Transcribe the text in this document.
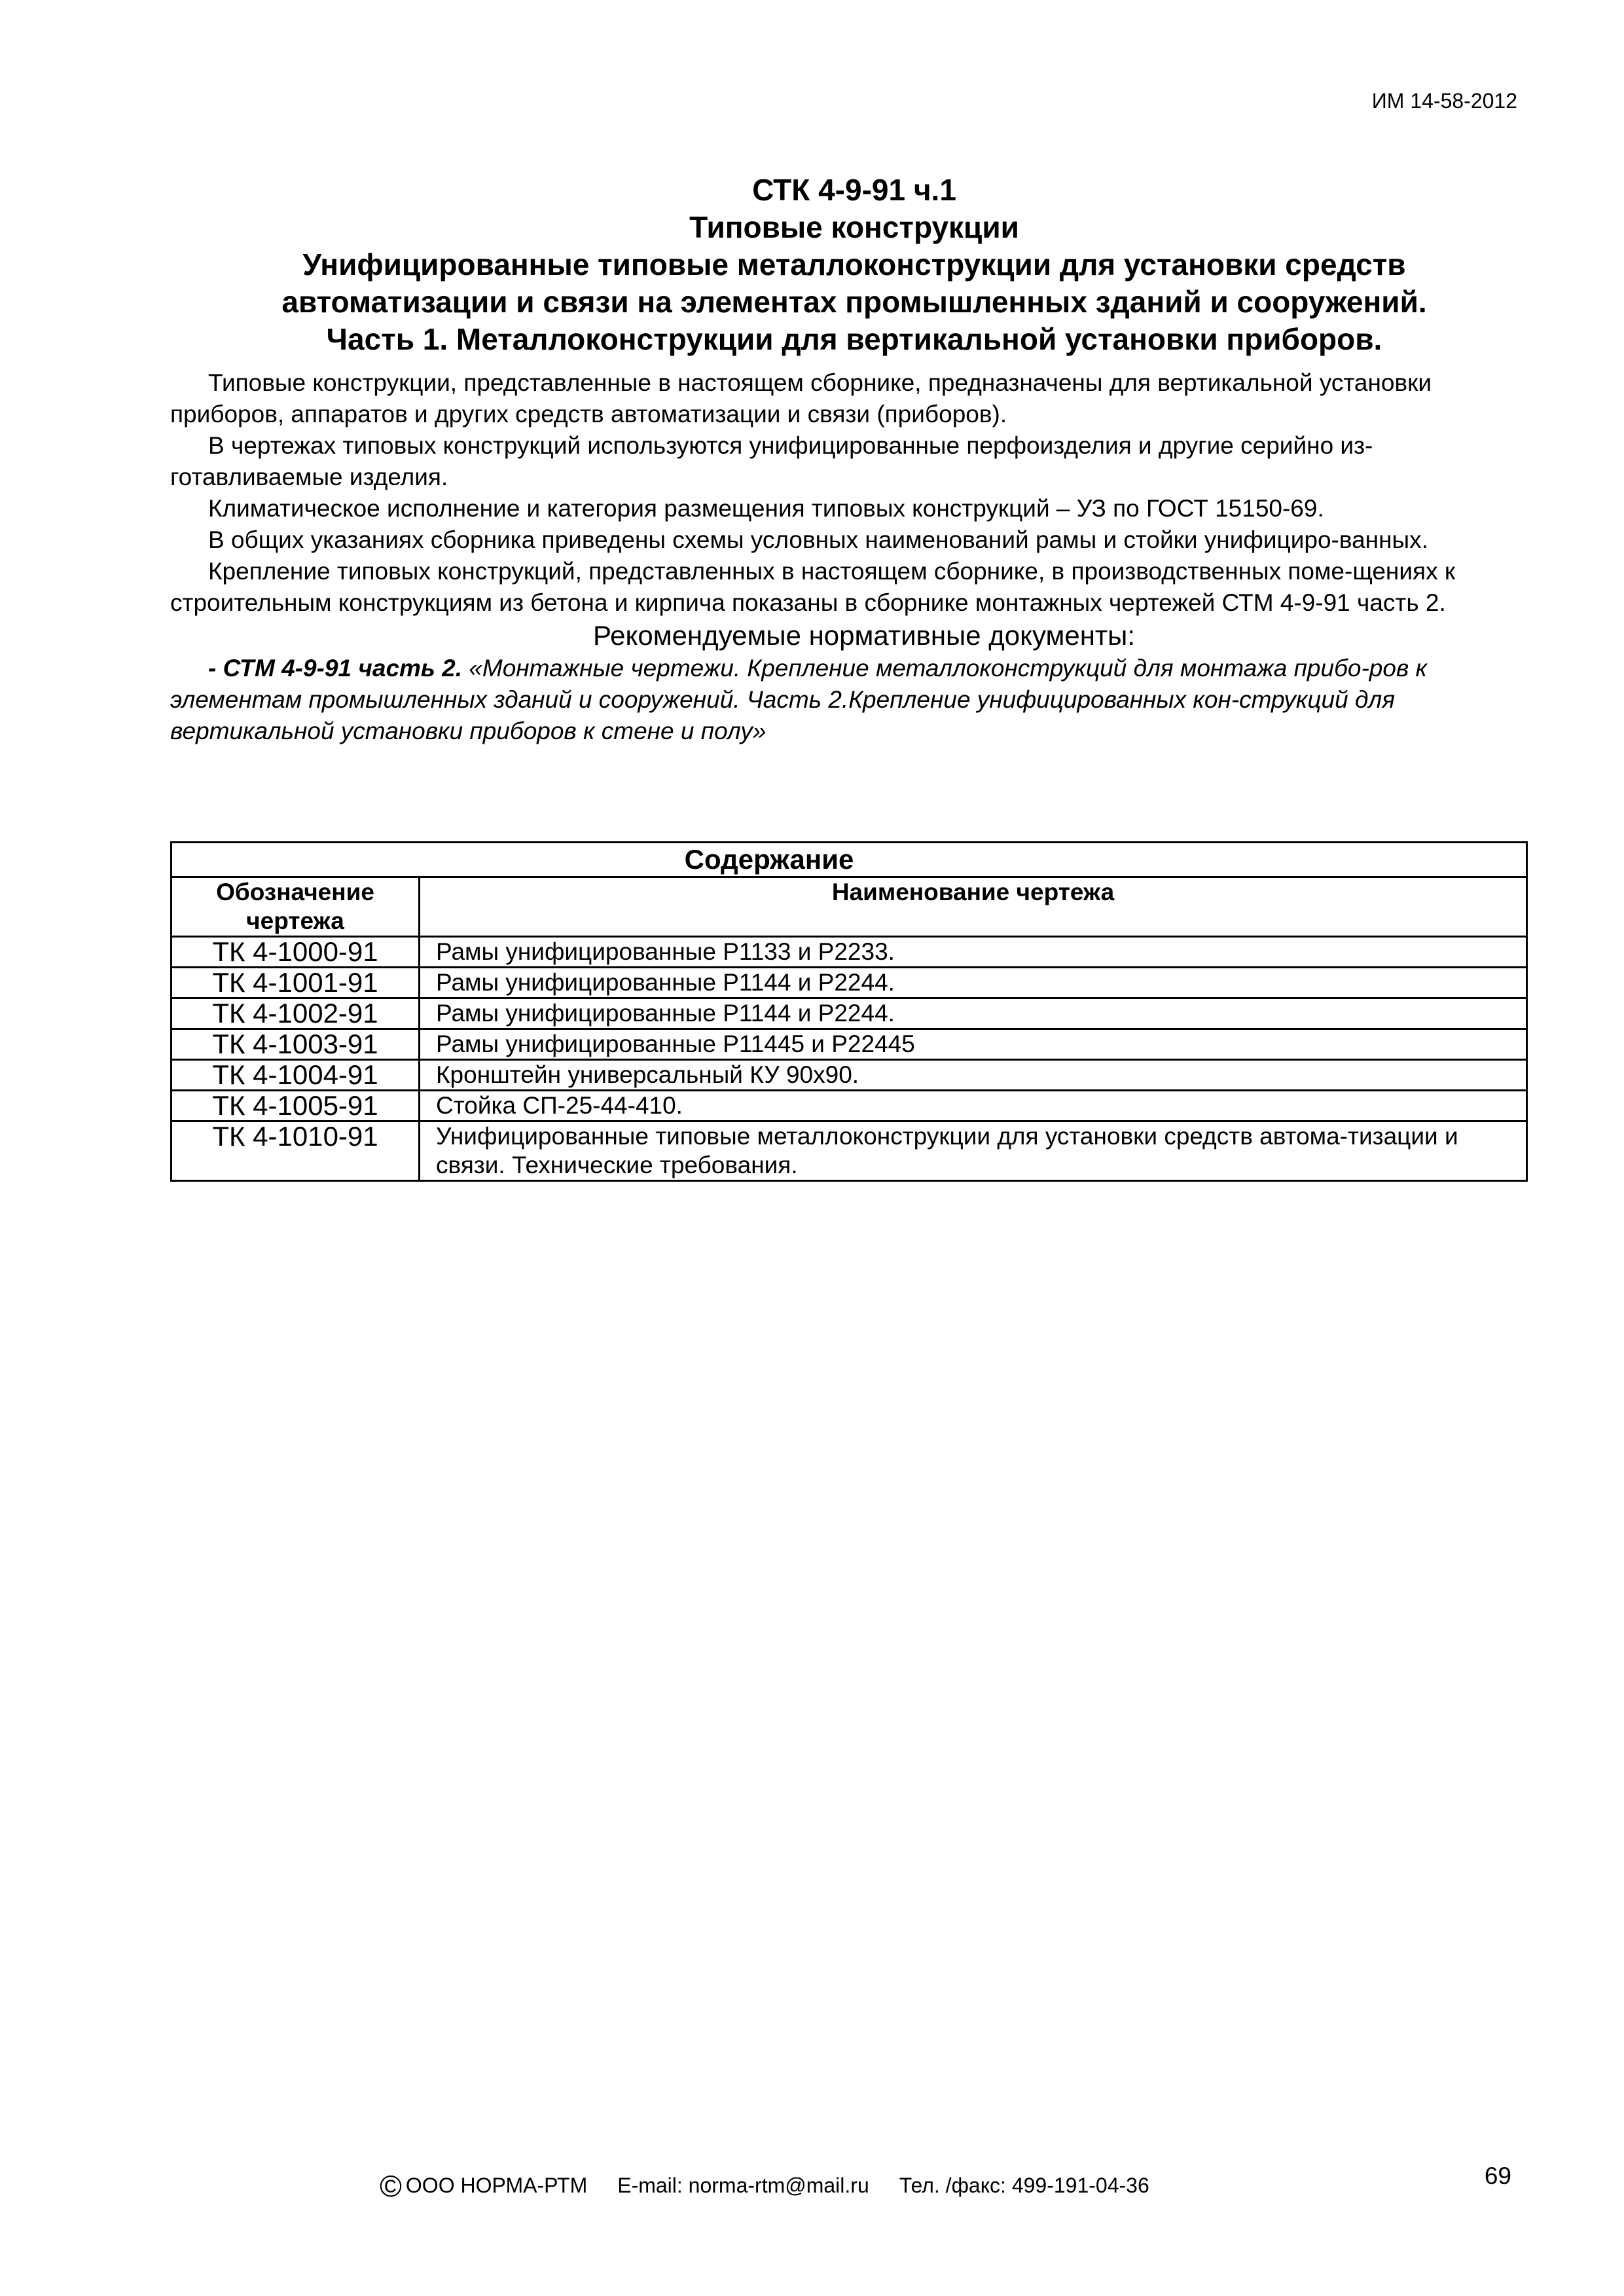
ИМ 14-58-2012

СТК 4-9-91 ч.1

Типовые конструкции

Унифицированные типовые металлоконструкции для установки средств

автоматизации и связи на элементах промышленных зданий и сооружений.

Часть 1. Металлоконструкции для вертикальной установки приборов.

Типовые конструкции, представленные в настоящем сборнике, предназначены для вертикальной установки приборов, аппаратов и других средств автоматизации и связи (приборов).

В чертежах типовых конструкций используются унифицированные перфоизделия и другие серийно из-готавливаемые изделия.

Климатическое исполнение и категория размещения типовых конструкций – УЗ по ГОСТ 15150-69.

В общих указаниях сборника приведены схемы условных наименований рамы и стойки унифициро-ванных.

Крепление типовых конструкций, представленных в настоящем сборнике, в производственных поме-щениях к строительным конструкциям из бетона и кирпича показаны в сборнике монтажных чертежей СТМ 4-9-91 часть 2.

Рекомендуемые нормативные документы:

- СТМ 4-9-91 часть 2. «Монтажные чертежи. Крепление металлоконструкций для монтажа прибо-ров к элементам промышленных зданий и сооружений. Часть 2.Крепление унифицированных кон-струкций для вертикальной установки приборов к стене и полу»

Содержание	
Обозначение чертежа	Наименование чертежа
ТК 4-1000-91	Рамы унифицированные Р1133 и Р2233.
ТК 4-1001-91	Рамы унифицированные Р1144 и Р2244.
ТК 4-1002-91	Рамы унифицированные Р1144 и Р2244.
ТК 4-1003-91	Рамы унифицированные Р11445 и Р22445
ТК 4-1004-91	Кронштейн универсальный КУ 90х90.
ТК 4-1005-91	Стойка СП-25-44-410.
ТК 4-1010-91	Унифицированные типовые металлоконструкции для установки средств автома-тизации и связи. Технические требования.
© ООО НОРМА-РТМ E-mail: norma-rtm@mail.ru Тел. /факс: 499-191-04-36	69
